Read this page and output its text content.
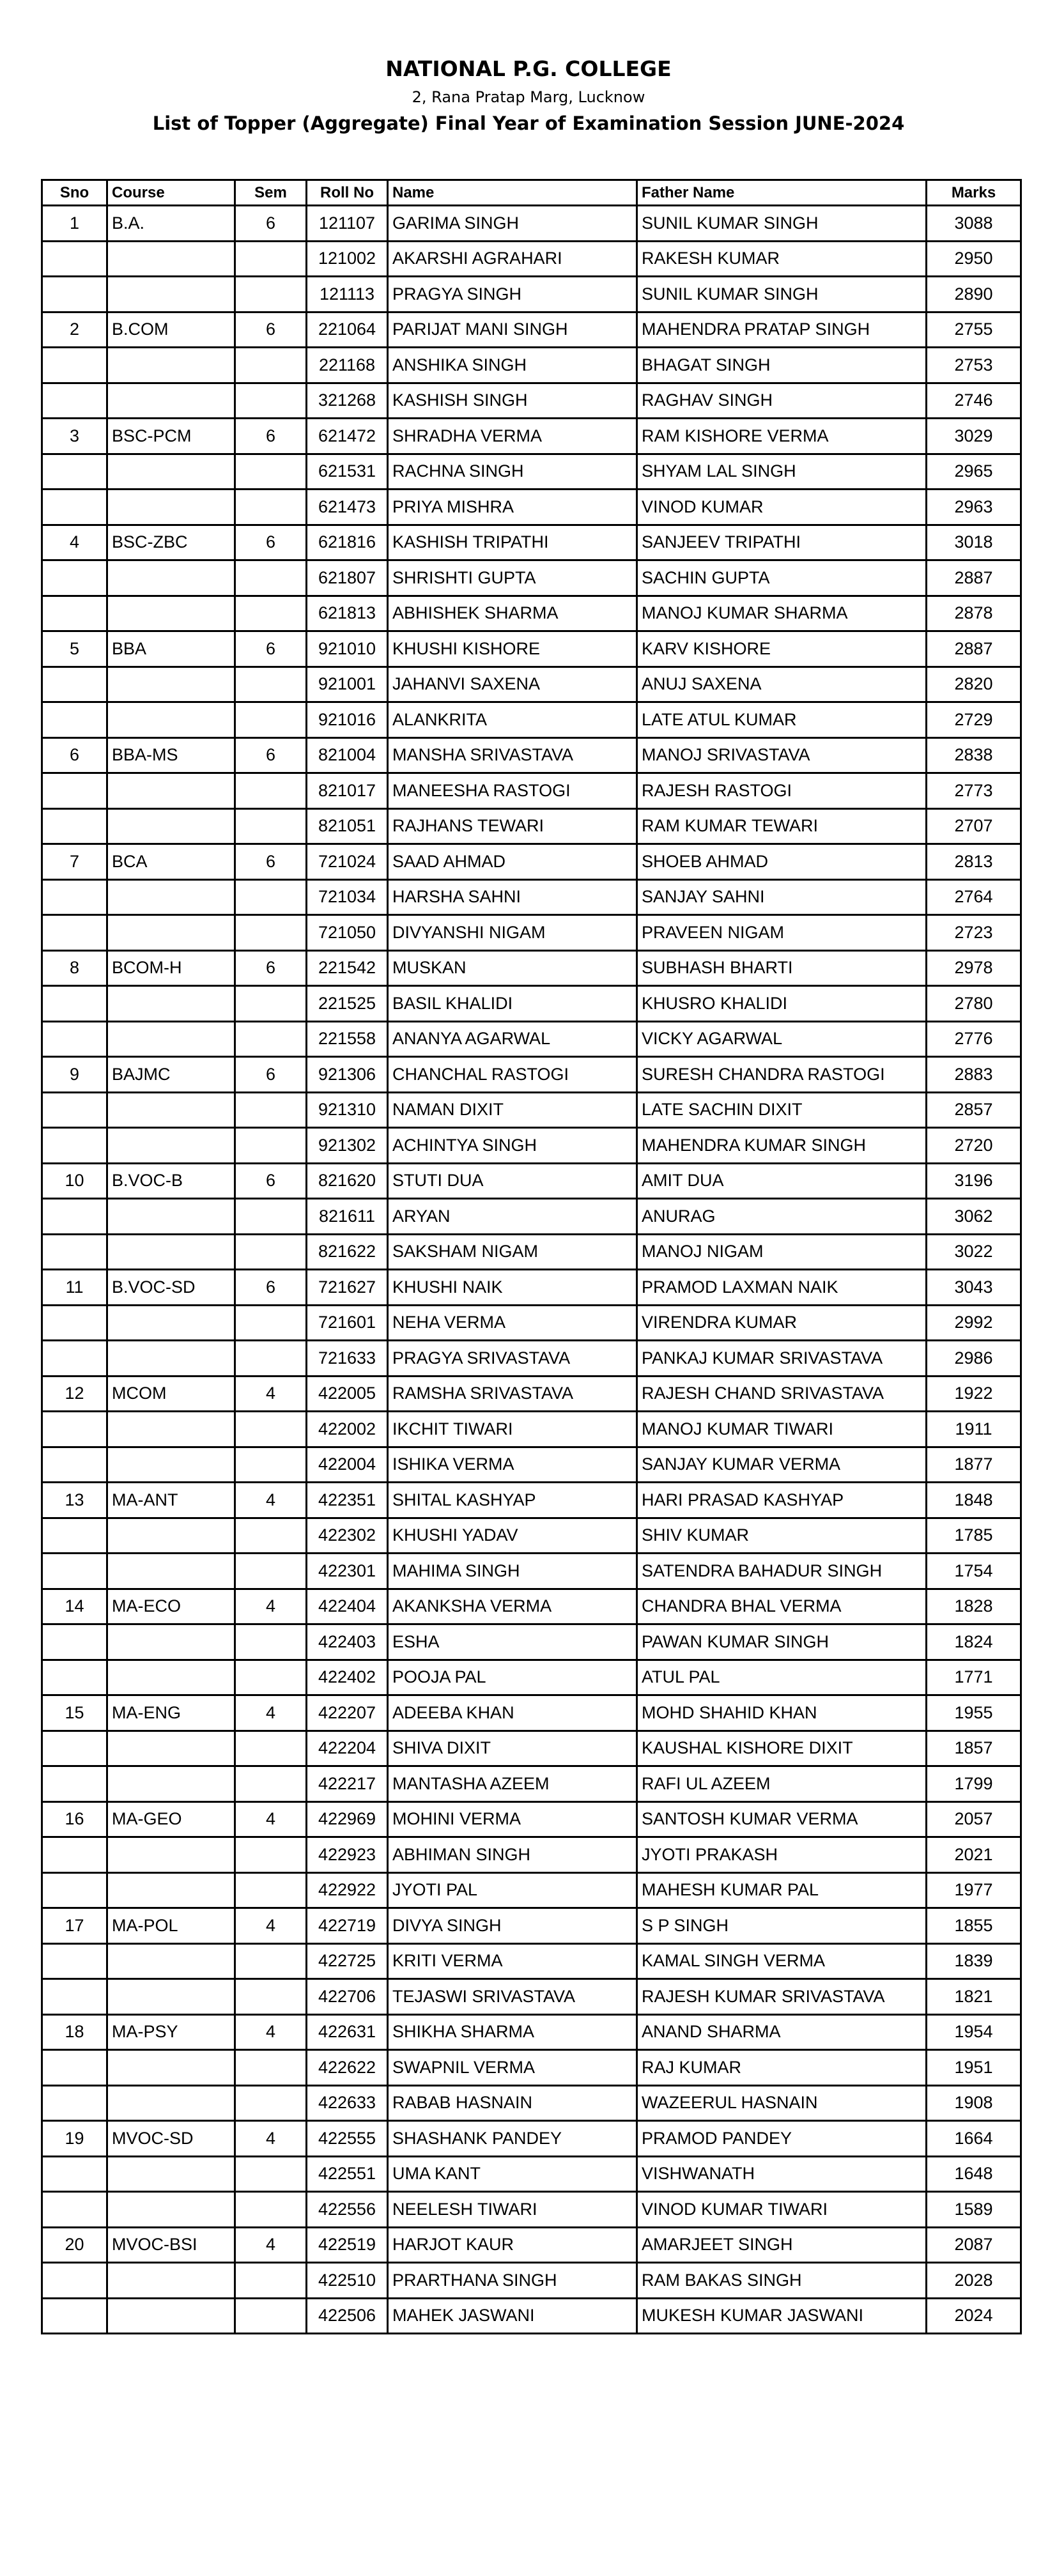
NATIONAL P.G. COLLEGE
2, Rana Pratap Marg, Lucknow
List of Topper (Aggregate) Final Year of Examination Session JUNE-2024
Sno	Course	Sem	Roll No	Name	Father Name	Marks
1	B.A.	6	121107	GARIMA SINGH	SUNIL KUMAR SINGH	3088
			121002	AKARSHI AGRAHARI	RAKESH KUMAR	2950
			121113	PRAGYA SINGH	SUNIL KUMAR SINGH	2890
2	B.COM	6	221064	PARIJAT MANI SINGH	MAHENDRA PRATAP SINGH	2755
			221168	ANSHIKA SINGH	BHAGAT SINGH	2753
			321268	KASHISH SINGH	RAGHAV SINGH	2746
3	BSC-PCM	6	621472	SHRADHA VERMA	RAM KISHORE VERMA	3029
			621531	RACHNA SINGH	SHYAM LAL SINGH	2965
			621473	PRIYA MISHRA	VINOD KUMAR	2963
4	BSC-ZBC	6	621816	KASHISH TRIPATHI	SANJEEV TRIPATHI	3018
			621807	SHRISHTI GUPTA	SACHIN GUPTA	2887
			621813	ABHISHEK SHARMA	MANOJ KUMAR SHARMA	2878
5	BBA	6	921010	KHUSHI KISHORE	KARV KISHORE	2887
			921001	JAHANVI SAXENA	ANUJ SAXENA	2820
			921016	ALANKRITA	LATE ATUL KUMAR	2729
6	BBA-MS	6	821004	MANSHA SRIVASTAVA	MANOJ SRIVASTAVA	2838
			821017	MANEESHA RASTOGI	RAJESH RASTOGI	2773
			821051	RAJHANS TEWARI	RAM KUMAR TEWARI	2707
7	BCA	6	721024	SAAD AHMAD	SHOEB AHMAD	2813
			721034	HARSHA SAHNI	SANJAY SAHNI	2764
			721050	DIVYANSHI NIGAM	PRAVEEN NIGAM	2723
8	BCOM-H	6	221542	MUSKAN	SUBHASH BHARTI	2978
			221525	BASIL KHALIDI	KHUSRO KHALIDI	2780
			221558	ANANYA AGARWAL	VICKY AGARWAL	2776
9	BAJMC	6	921306	CHANCHAL RASTOGI	SURESH CHANDRA RASTOGI	2883
			921310	NAMAN DIXIT	LATE SACHIN DIXIT	2857
			921302	ACHINTYA SINGH	MAHENDRA KUMAR SINGH	2720
10	B.VOC-B	6	821620	STUTI DUA	AMIT DUA	3196
			821611	ARYAN	ANURAG	3062
			821622	SAKSHAM NIGAM	MANOJ NIGAM	3022
11	B.VOC-SD	6	721627	KHUSHI NAIK	PRAMOD LAXMAN NAIK	3043
			721601	NEHA VERMA	VIRENDRA KUMAR	2992
			721633	PRAGYA SRIVASTAVA	PANKAJ KUMAR SRIVASTAVA	2986
12	MCOM	4	422005	RAMSHA SRIVASTAVA	RAJESH CHAND SRIVASTAVA	1922
			422002	IKCHIT TIWARI	MANOJ KUMAR TIWARI	1911
			422004	ISHIKA VERMA	SANJAY KUMAR VERMA	1877
13	MA-ANT	4	422351	SHITAL KASHYAP	HARI PRASAD KASHYAP	1848
			422302	KHUSHI YADAV	SHIV KUMAR	1785
			422301	MAHIMA SINGH	SATENDRA BAHADUR SINGH	1754
14	MA-ECO	4	422404	AKANKSHA VERMA	CHANDRA BHAL VERMA	1828
			422403	ESHA	PAWAN KUMAR SINGH	1824
			422402	POOJA PAL	ATUL PAL	1771
15	MA-ENG	4	422207	ADEEBA KHAN	MOHD SHAHID KHAN	1955
			422204	SHIVA DIXIT	KAUSHAL KISHORE DIXIT	1857
			422217	MANTASHA AZEEM	RAFI UL AZEEM	1799
16	MA-GEO	4	422969	MOHINI VERMA	SANTOSH KUMAR VERMA	2057
			422923	ABHIMAN SINGH	JYOTI PRAKASH	2021
			422922	JYOTI PAL	MAHESH KUMAR PAL	1977
17	MA-POL	4	422719	DIVYA SINGH	S P SINGH	1855
			422725	KRITI VERMA	KAMAL SINGH VERMA	1839
			422706	TEJASWI SRIVASTAVA	RAJESH KUMAR SRIVASTAVA	1821
18	MA-PSY	4	422631	SHIKHA SHARMA	ANAND SHARMA	1954
			422622	SWAPNIL VERMA	RAJ KUMAR	1951
			422633	RABAB HASNAIN	WAZEERUL HASNAIN	1908
19	MVOC-SD	4	422555	SHASHANK PANDEY	PRAMOD PANDEY	1664
			422551	UMA KANT	VISHWANATH	1648
			422556	NEELESH TIWARI	VINOD KUMAR TIWARI	1589
20	MVOC-BSI	4	422519	HARJOT KAUR	AMARJEET SINGH	2087
			422510	PRARTHANA SINGH	RAM BAKAS SINGH	2028
			422506	MAHEK JASWANI	MUKESH KUMAR JASWANI	2024
